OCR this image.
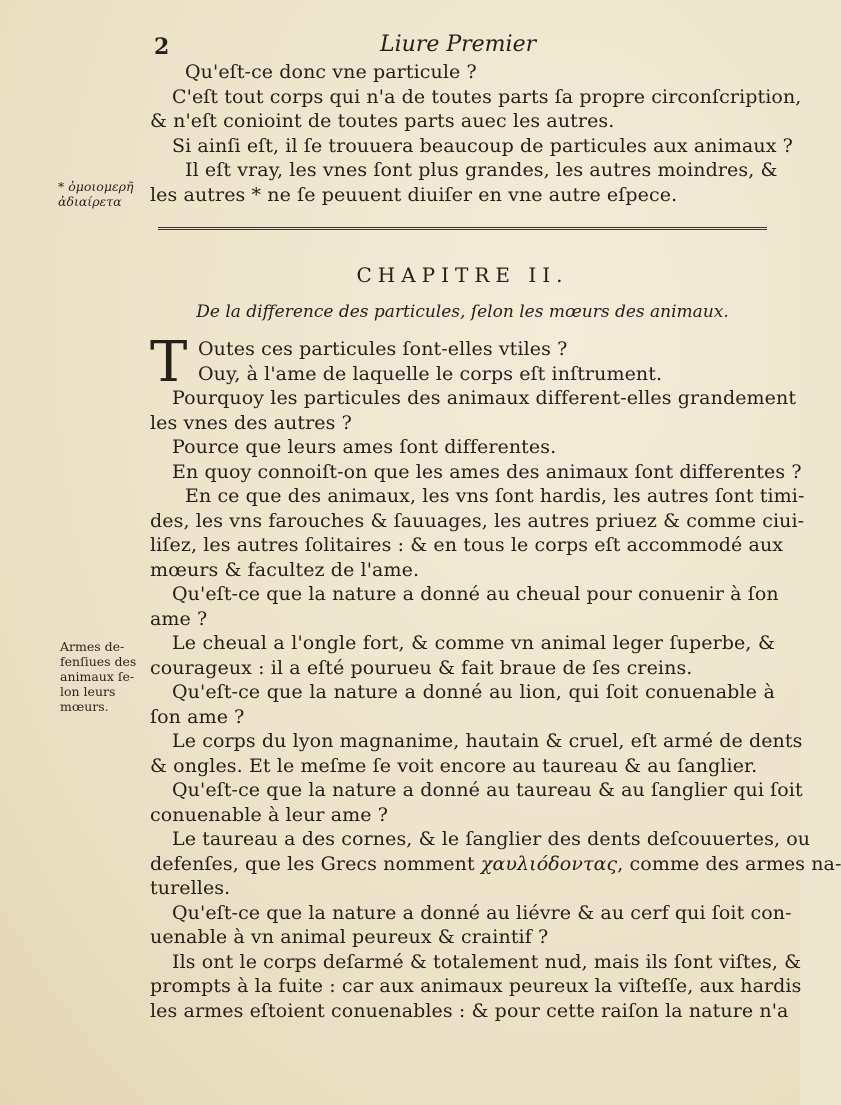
2	Liure Premier
* ὁμοιομερῆ
ἀδιαίρετα
Armes de-
fenſiues des
animaux ſe-
lon leurs
mœurs.
Qu'eſt-ce donc vne particule ?
C'eſt tout corps qui n'a de toutes parts ſa propre circonſcription,
& n'eſt conioint de toutes parts auec les autres.
Si ainſi eſt, il ſe trouuera beaucoup de particules aux animaux ?
Il eſt vray, les vnes ſont plus grandes, les autres moindres, &
les autres * ne ſe peuuent diuiſer en vne autre eſpece.
CHAPITRE II.
De la difference des particules, ſelon les mœurs des animaux.
T Outes ces particules ſont-elles vtiles ?
Ouy, à l'ame de laquelle le corps eſt inſtrument.
Pourquoy les particules des animaux different-elles grandement
les vnes des autres ?
Pource que leurs ames ſont differentes.
En quoy connoiſt-on que les ames des animaux ſont differentes ?
En ce que des animaux, les vns ſont hardis, les autres ſont timi-
des, les vns farouches & ſauuages, les autres priuez & comme ciui-
liſez, les autres ſolitaires : & en tous le corps eſt accommodé aux
mœurs & facultez de l'ame.
Qu'eſt-ce que la nature a donné au cheual pour conuenir à ſon
ame ?
Le cheual a l'ongle fort, & comme vn animal leger ſuperbe, &
courageux : il a eſté pourueu & fait braue de ſes creins.
Qu'eſt-ce que la nature a donné au lion, qui ſoit conuenable à
ſon ame ?
Le corps du lyon magnanime, hautain & cruel, eſt armé de dents
& ongles. Et le meſme ſe voit encore au taureau & au ſanglier.
Qu'eſt-ce que la nature a donné au taureau & au ſanglier qui ſoit
conuenable à leur ame ?
Le taureau a des cornes, & le ſanglier des dents deſcouuertes, ou
defenſes, que les Grecs nomment χαυλιόδοντας, comme des armes na-
turelles.
Qu'eſt-ce que la nature a donné au liévre & au cerf qui ſoit con-
uenable à vn animal peureux & craintif ?
Ils ont le corps deſarmé & totalement nud, mais ils ſont viſtes, &
prompts à la fuite : car aux animaux peureux la viſteſſe, aux hardis
les armes eſtoient conuenables : & pour cette raiſon la nature n'a
